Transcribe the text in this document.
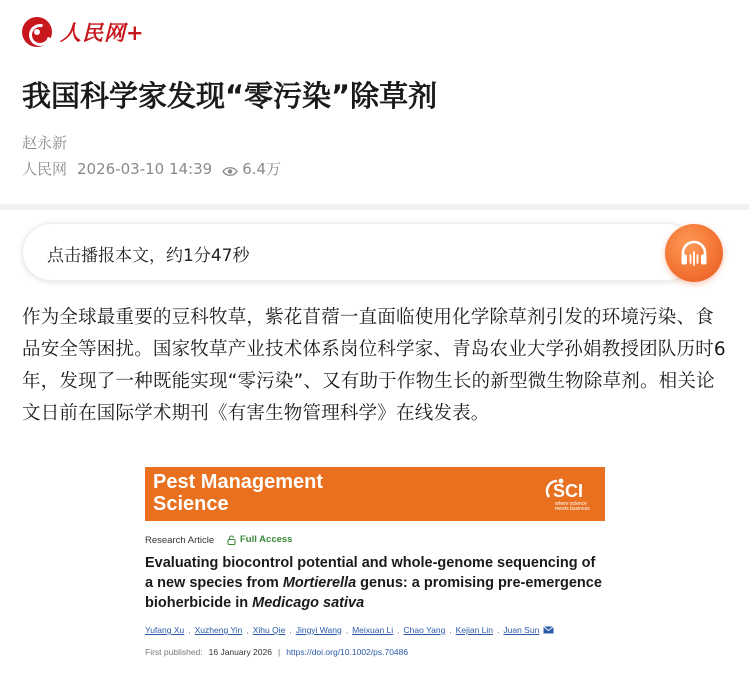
人民网+
我国科学家发现“零污染”除草剂
赵永新
人民网 2026-03-10 14:39 6.4万
点击播报本文，约1分47秒

作为全球最重要的豆科牧草，紫花苜蓿一直面临使用化学除草剂引发的环境污染、食品安全等困扰。国家牧草产业技术体系岗位科学家、青岛农业大学孙娟教授团队历时6年，发现了一种既能实现“零污染”、又有助于作物生长的新型微生物除草剂。相关论文日前在国际学术期刊《有害生物管理科学》在线发表。

Pest Management
Science
SCI
where science
meets business
Research Article	Full Access
Evaluating biocontrol potential and whole-genome sequencing of a new species from Mortierella genus: a promising pre-emergence bioherbicide in Medicago sativa
Yufang Xu , Xuzheng Yin , Xihu Qie , Jingyi Wang , Meixuan Li , Chao Yang , Kejian Lin , Juan Sun
First published: 16 January 2026 | https://doi.org/10.1002/ps.70486
